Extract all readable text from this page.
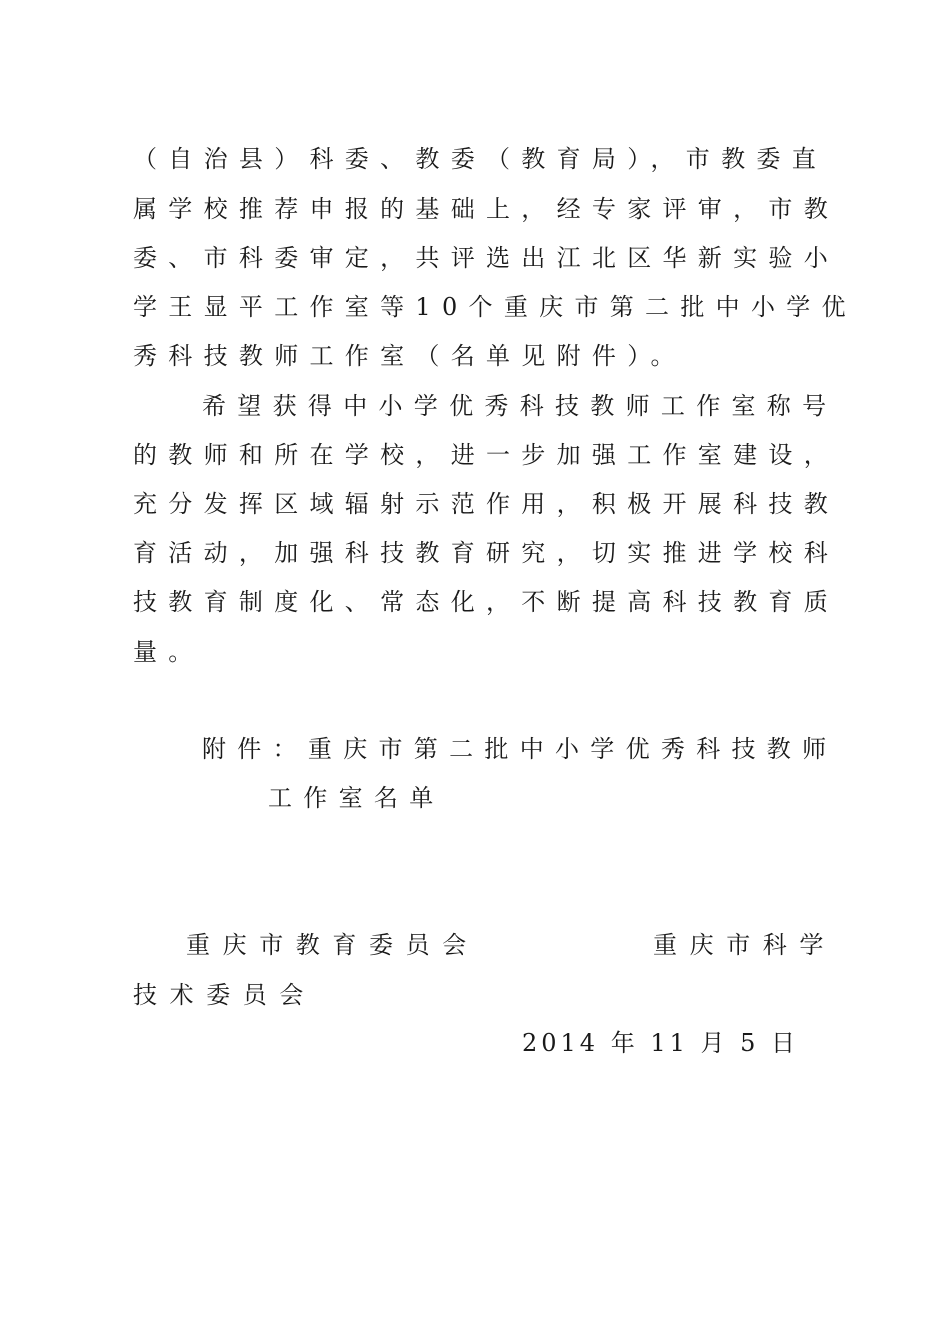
（自治县）科委、教委（教育局），市教委直
属学校推荐申报的基础上，经专家评审，市教
委、市科委审定，共评选出江北区华新实验小
学王显平工作室等10个重庆市第二批中小学优
秀科技教师工作室（名单见附件）。
希望获得中小学优秀科技教师工作室称号
的教师和所在学校，进一步加强工作室建设，
充分发挥区域辐射示范作用，积极开展科技教
育活动，加强科技教育研究，切实推进学校科
技教育制度化、常态化，不断提高科技教育质
量。
附件：重庆市第二批中小学优秀科技教师
工作室名单
重庆市教育委员会	重庆市科学
技术委员会
2014 年 11 月 5 日
